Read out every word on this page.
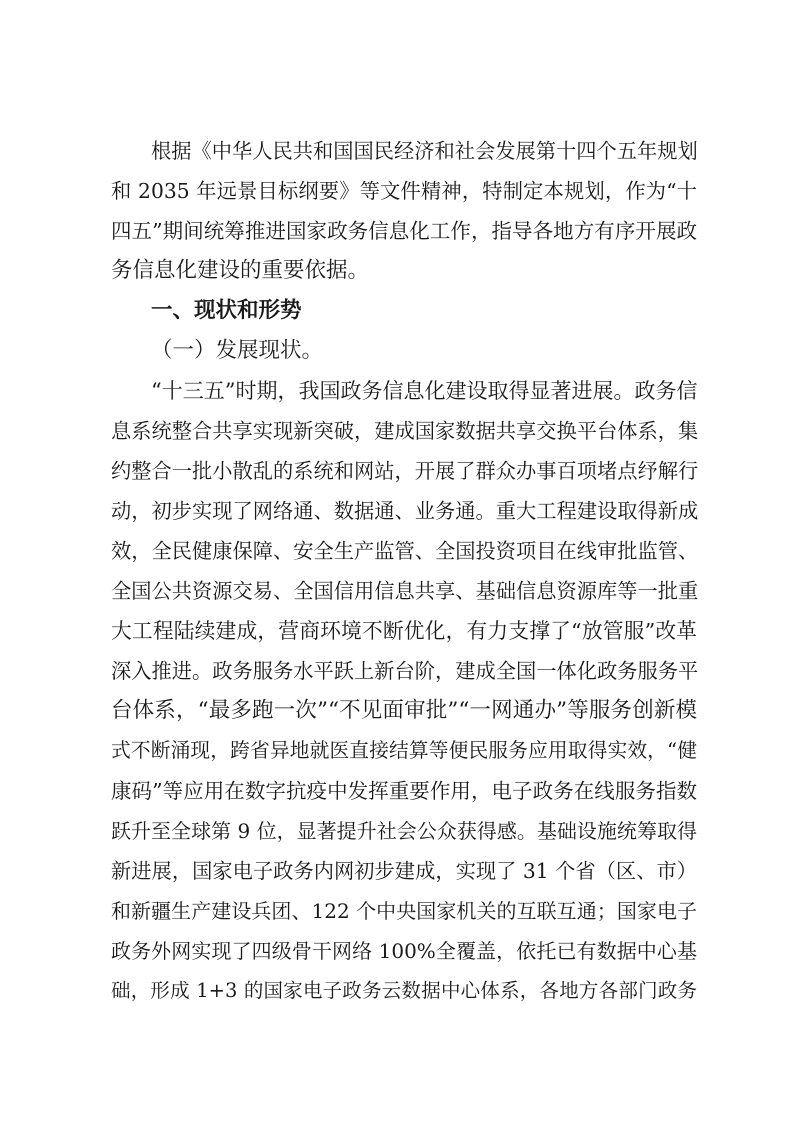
根据《中华人民共和国国民经济和社会发展第十四个五年规划
和 2035 年远景目标纲要》等文件精神，特制定本规划，作为“十
四五”期间统筹推进国家政务信息化工作，指导各地方有序开展政
务信息化建设的重要依据。
一、现状和形势
（一）发展现状。
“十三五”时期，我国政务信息化建设取得显著进展。政务信
息系统整合共享实现新突破，建成国家数据共享交换平台体系，集
约整合一批小散乱的系统和网站，开展了群众办事百项堵点纾解行
动，初步实现了网络通、数据通、业务通。重大工程建设取得新成
效，全民健康保障、安全生产监管、全国投资项目在线审批监管、
全国公共资源交易、全国信用信息共享、基础信息资源库等一批重
大工程陆续建成，营商环境不断优化，有力支撑了“放管服”改革
深入推进。政务服务水平跃上新台阶，建成全国一体化政务服务平
台体系，“最多跑一次”“不见面审批”“一网通办”等服务创新模
式不断涌现，跨省异地就医直接结算等便民服务应用取得实效，“健
康码”等应用在数字抗疫中发挥重要作用，电子政务在线服务指数
跃升至全球第 9 位，显著提升社会公众获得感。基础设施统筹取得
新进展，国家电子政务内网初步建成，实现了 31 个省（区、市）
和新疆生产建设兵团、122 个中央国家机关的互联互通；国家电子
政务外网实现了四级骨干网络 100%全覆盖，依托已有数据中心基
础，形成 1+3 的国家电子政务云数据中心体系，各地方各部门政务
